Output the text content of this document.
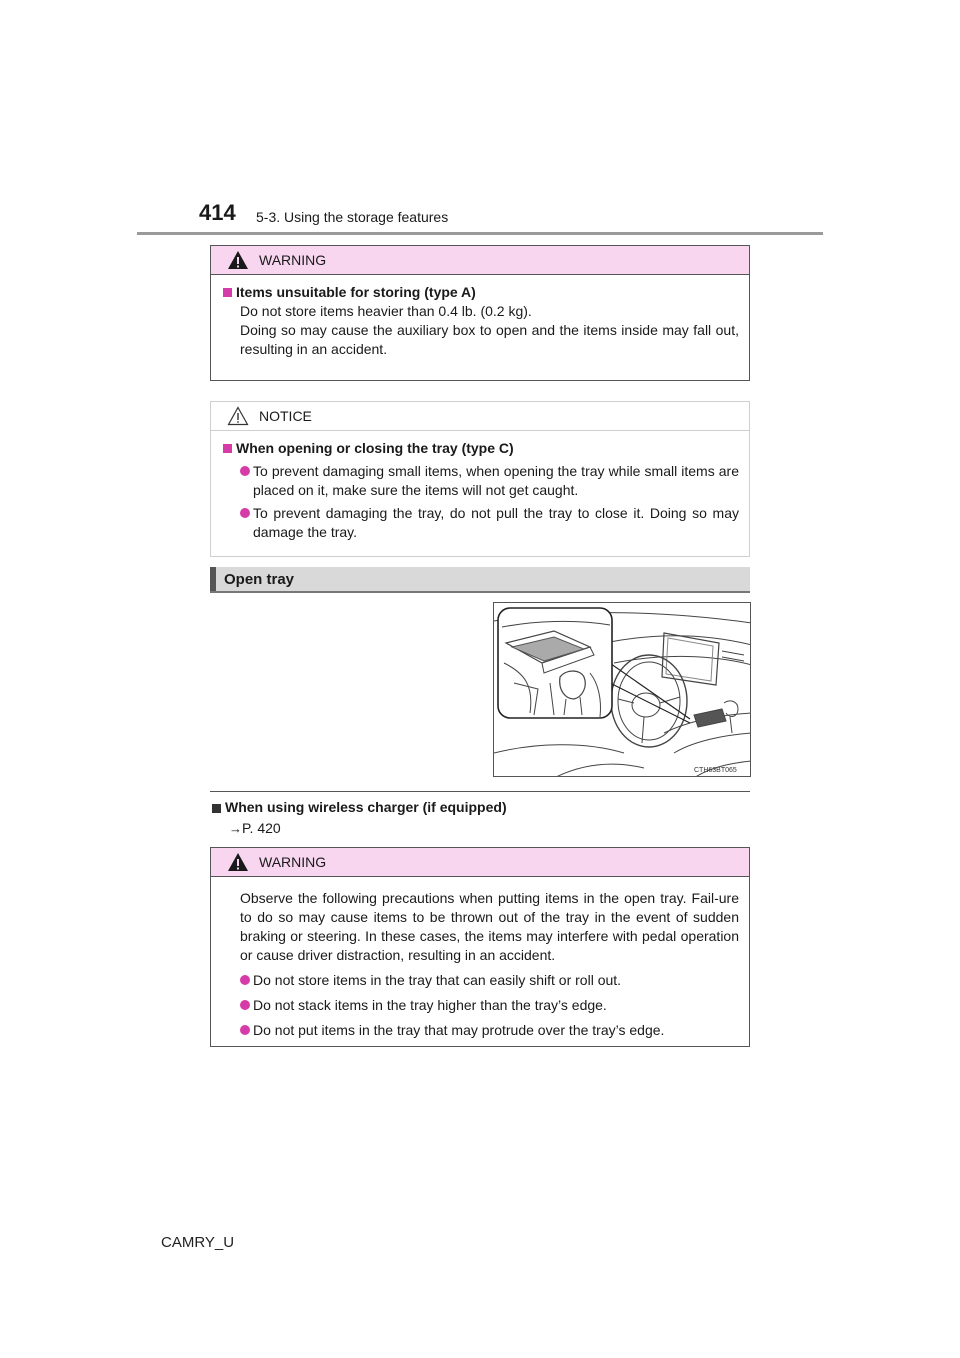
414 5-3. Using the storage features
WARNING
Items unsuitable for storing (type A)
Do not store items heavier than 0.4 lb. (0.2 kg).
Doing so may cause the auxiliary box to open and the items inside may fall out, resulting in an accident.
NOTICE
When opening or closing the tray (type C)
To prevent damaging small items, when opening the tray while small items are placed on it, make sure the items will not get caught.
To prevent damaging the tray, do not pull the tray to close it. Doing so may damage the tray.
Open tray
CTH63BT065
When using wireless charger (if equipped)
→P. 420
WARNING
Observe the following precautions when putting items in the open tray. Fail-ure to do so may cause items to be thrown out of the tray in the event of sudden braking or steering. In these cases, the items may interfere with pedal operation or cause driver distraction, resulting in an accident.
Do not store items in the tray that can easily shift or roll out.
Do not stack items in the tray higher than the tray’s edge.
Do not put items in the tray that may protrude over the tray’s edge.
CAMRY_U
